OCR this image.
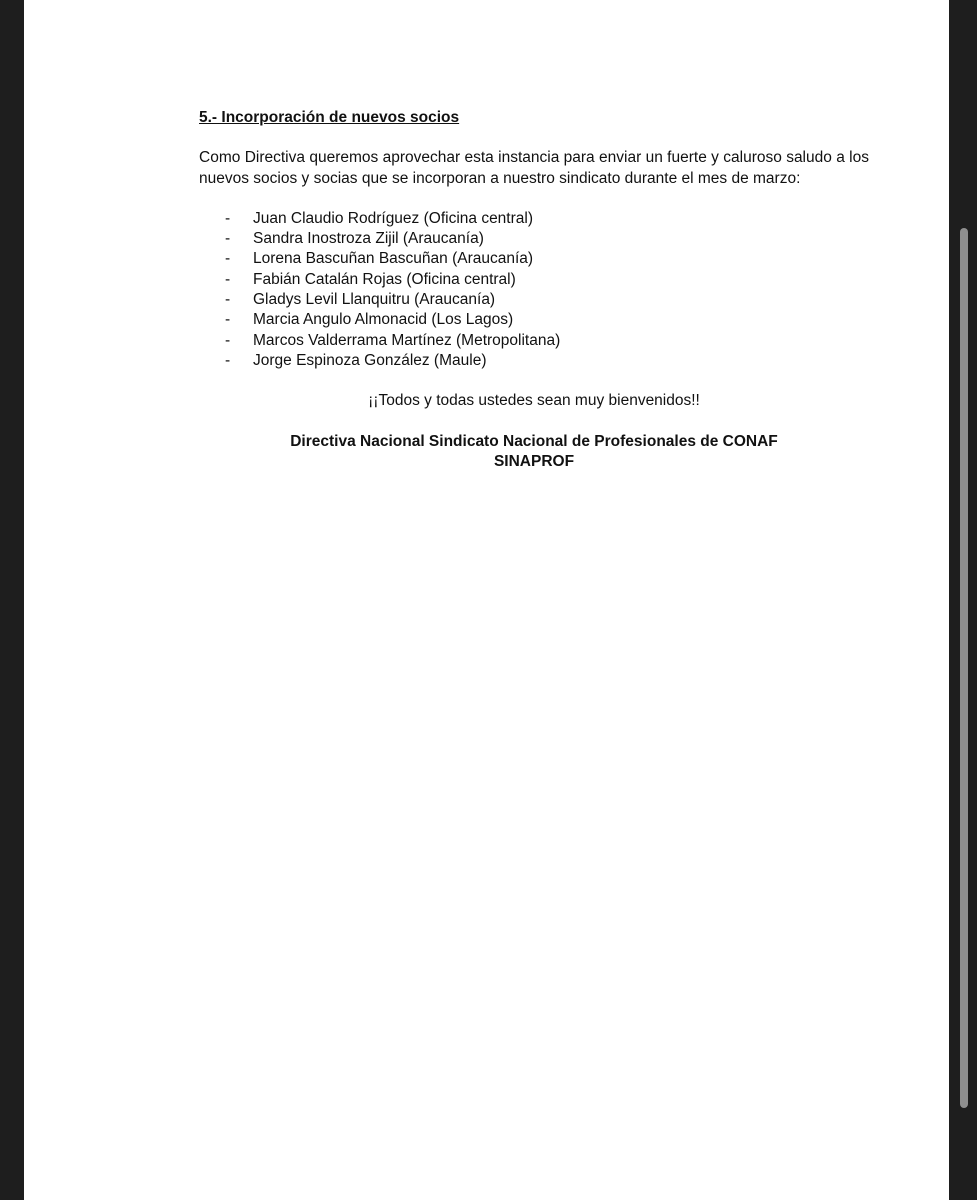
5.- Incorporación de nuevos socios

Como Directiva queremos aprovechar esta instancia para enviar un fuerte y caluroso saludo a los nuevos socios y socias que se incorporan a nuestro sindicato durante el mes de marzo:

- Juan Claudio Rodríguez (Oficina central)
- Sandra Inostroza Zijil (Araucanía)
- Lorena Bascuñan Bascuñan (Araucanía)
- Fabián Catalán Rojas (Oficina central)
- Gladys Levil Llanquitru (Araucanía)
- Marcia Angulo Almonacid (Los Lagos)
- Marcos Valderrama Martínez (Metropolitana)
- Jorge Espinoza González (Maule)

¡¡Todos y todas ustedes sean muy bienvenidos!!

Directiva Nacional Sindicato Nacional de Profesionales de CONAF
SINAPROF
